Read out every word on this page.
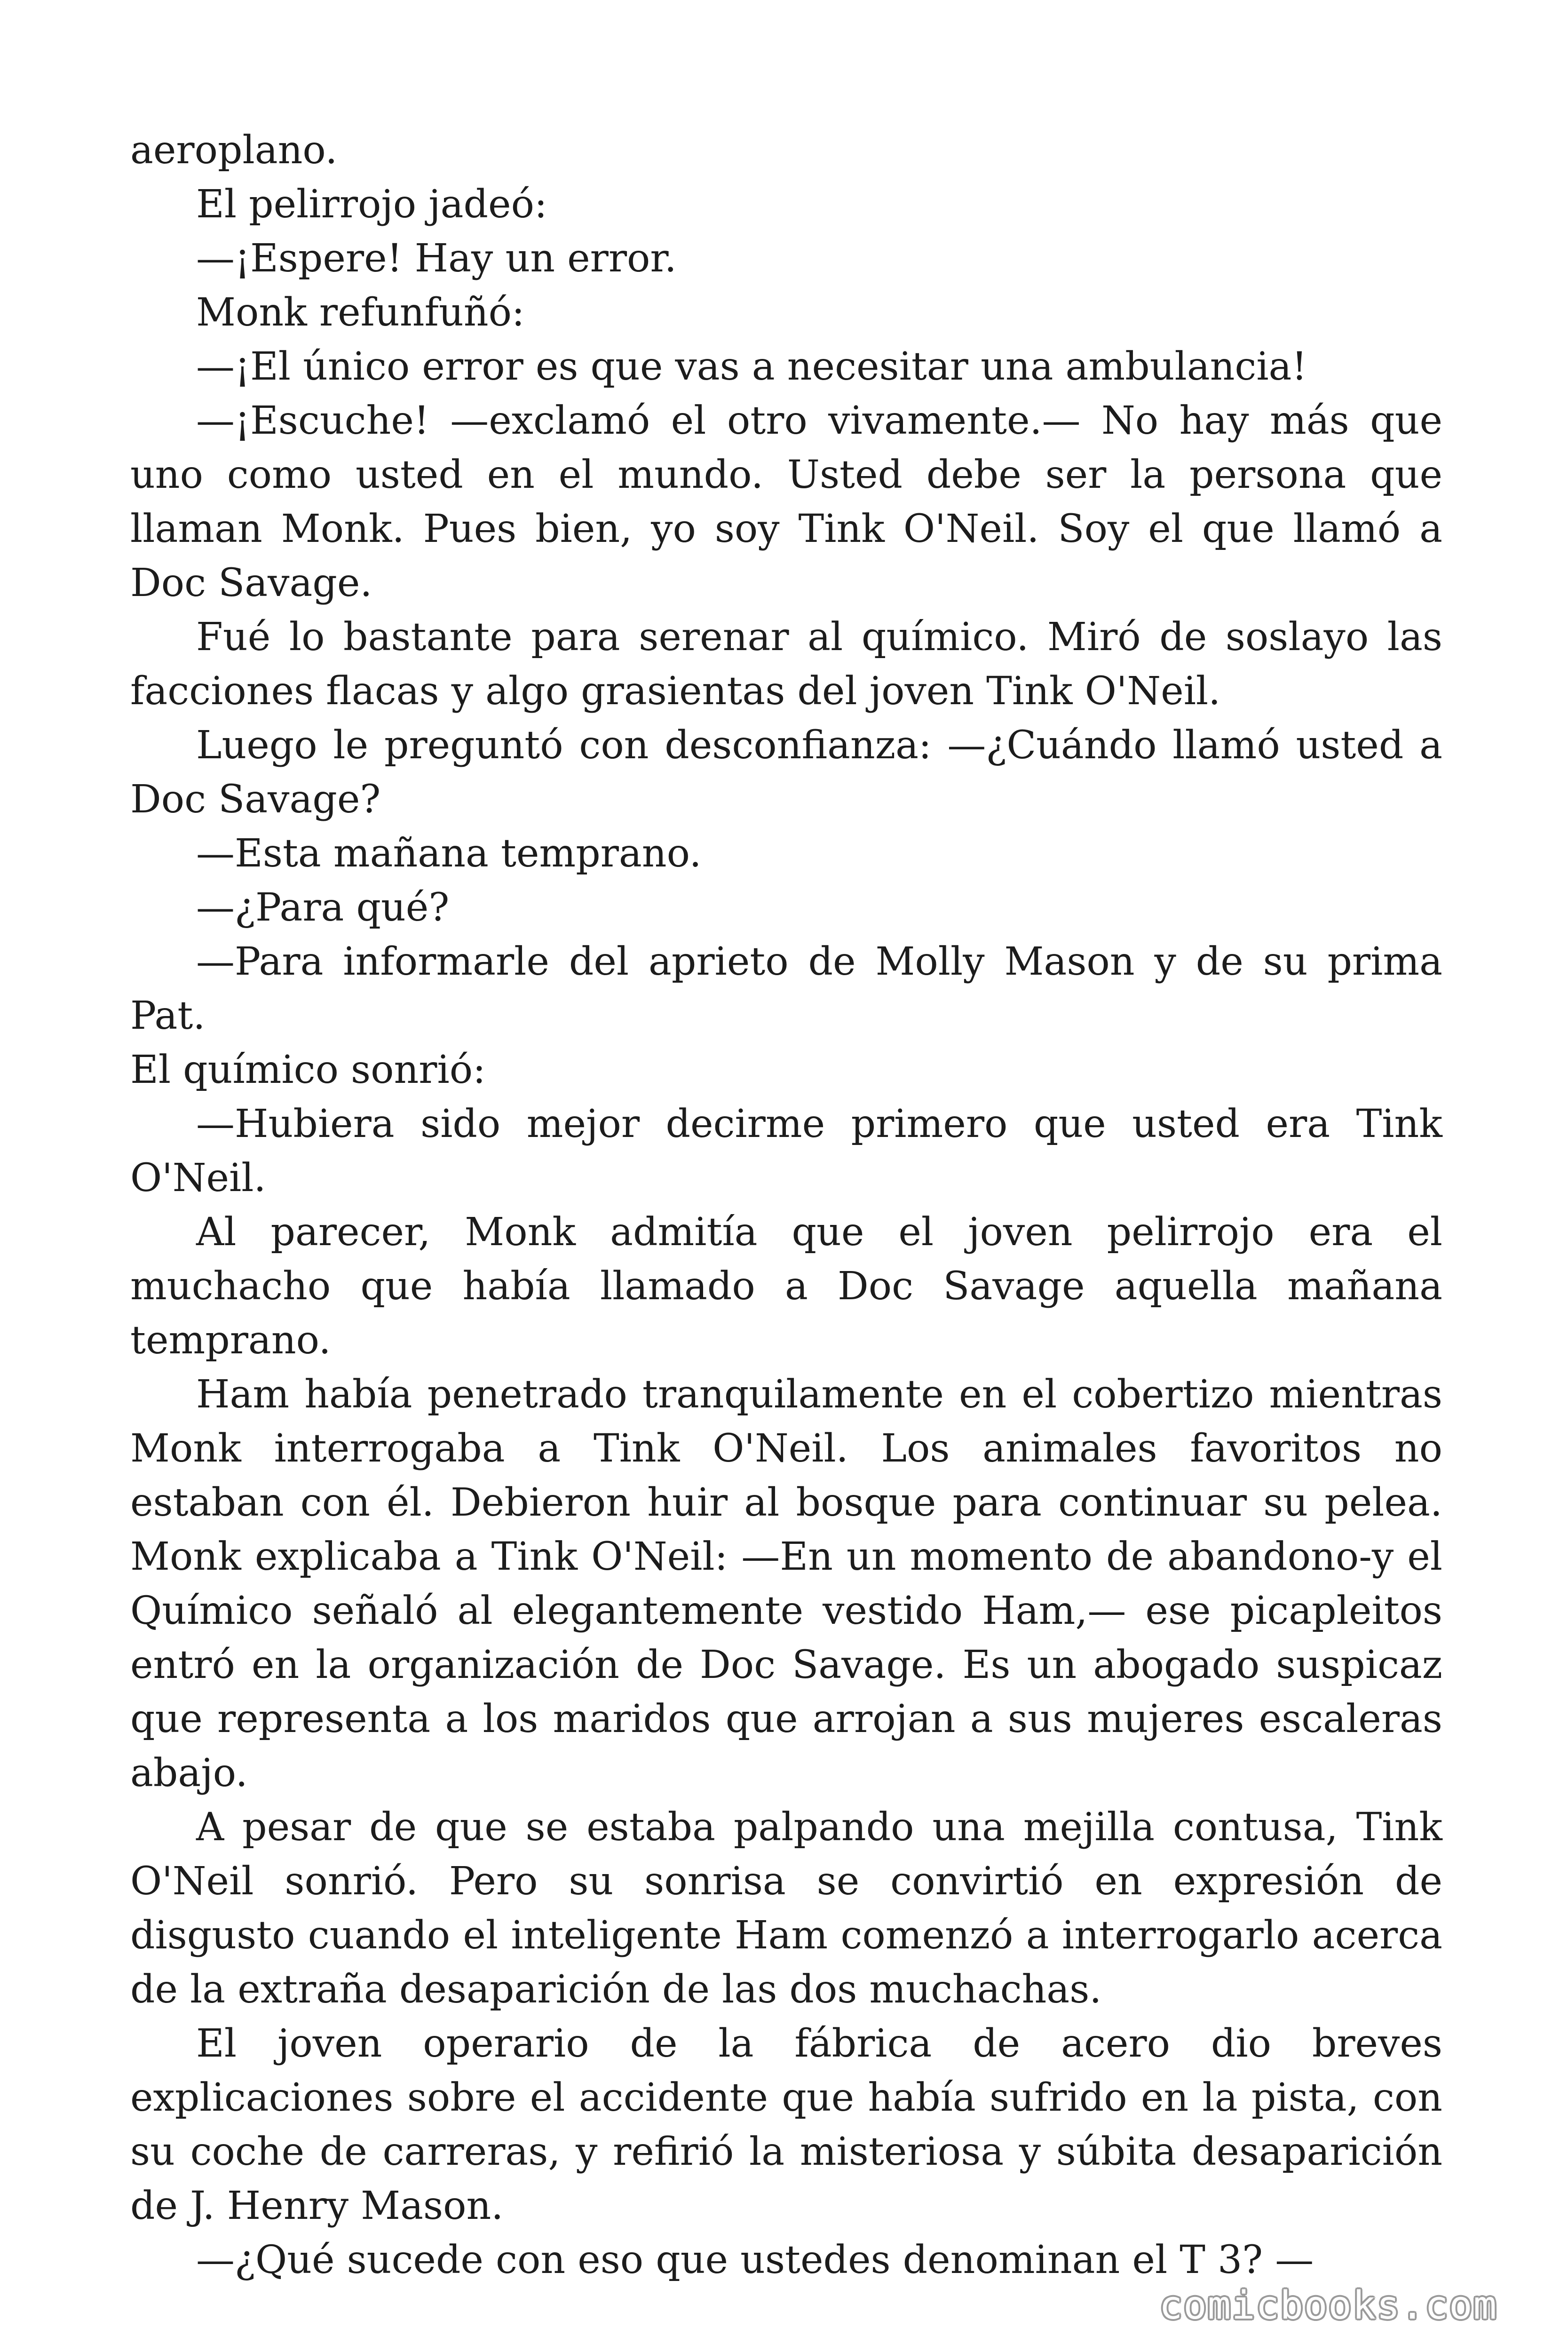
aeroplano.

El pelirrojo jadeó:

—¡Espere! Hay un error.

Monk refunfuñó:

—¡El único error es que vas a necesitar una ambulancia!

—¡Escuche! —exclamó el otro vivamente.— No hay más que uno como usted en el mundo. Usted debe ser la persona que llaman Monk. Pues bien, yo soy Tink O'Neil. Soy el que llamó a Doc Savage.

Fué lo bastante para serenar al químico. Miró de soslayo las facciones flacas y algo grasientas del joven Tink O'Neil.

Luego le preguntó con desconfianza: —¿Cuándo llamó usted a Doc Savage?

—Esta mañana temprano.

—¿Para qué?

—Para informarle del aprieto de Molly Mason y de su prima Pat.

El químico sonrió:

—Hubiera sido mejor decirme primero que usted era Tink O'Neil.

Al parecer, Monk admitía que el joven pelirrojo era el muchacho que había llamado a Doc Savage aquella mañana temprano.

Ham había penetrado tranquilamente en el cobertizo mientras Monk interrogaba a Tink O'Neil. Los animales favoritos no estaban con él. Debieron huir al bosque para continuar su pelea. Monk explicaba a Tink O'Neil: —En un momento de abandono-y el Químico señaló al elegantemente vestido Ham,— ese picapleitos entró en la organización de Doc Savage. Es un abogado suspicaz que representa a los maridos que arrojan a sus mujeres escaleras abajo.

A pesar de que se estaba palpando una mejilla contusa, Tink O'Neil sonrió. Pero su sonrisa se convirtió en expresión de disgusto cuando el inteligente Ham comenzó a interrogarlo acerca de la extraña desaparición de las dos muchachas.

El joven operario de la fábrica de acero dio breves explicaciones sobre el accidente que había sufrido en la pista, con su coche de carreras, y refirió la misteriosa y súbita desaparición de J. Henry Mason.

—¿Qué sucede con eso que ustedes denominan el T 3? —

comicbooks.com
